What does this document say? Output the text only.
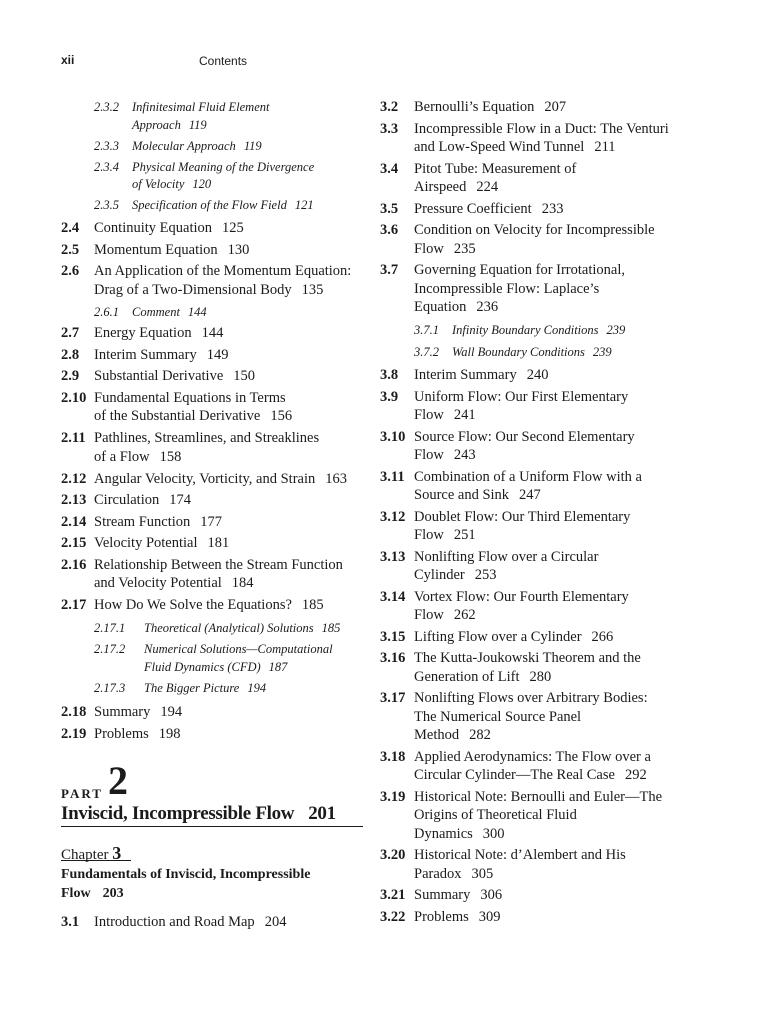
xii	Contents
2.3.2 Infinitesimal Fluid Element
Approach 119
2.3.3 Molecular Approach 119
2.3.4 Physical Meaning of the Divergence
of Velocity 120
2.3.5 Specification of the Flow Field 121
2.4 Continuity Equation 125
2.5 Momentum Equation 130
2.6 An Application of the Momentum Equation:
Drag of a Two-Dimensional Body 135
2.6.1 Comment 144
2.7 Energy Equation 144
2.8 Interim Summary 149
2.9 Substantial Derivative 150
2.10 Fundamental Equations in Terms
of the Substantial Derivative 156
2.11 Pathlines, Streamlines, and Streaklines
of a Flow 158
2.12 Angular Velocity, Vorticity, and Strain 163
2.13 Circulation 174
2.14 Stream Function 177
2.15 Velocity Potential 181
2.16 Relationship Between the Stream Function
and Velocity Potential 184
2.17 How Do We Solve the Equations? 185
2.17.1 Theoretical (Analytical) Solutions 185
2.17.2 Numerical Solutions—Computational
Fluid Dynamics (CFD) 187
2.17.3 The Bigger Picture 194
2.18 Summary 194
2.19 Problems 198
3.1 Introduction and Road Map 204
3.2 Bernoulli’s Equation 207
3.3 Incompressible Flow in a Duct: The Venturi
and Low-Speed Wind Tunnel 211
3.4 Pitot Tube: Measurement of
Airspeed 224
3.5 Pressure Coefficient 233
3.6 Condition on Velocity for Incompressible
Flow 235
3.7 Governing Equation for Irrotational,
Incompressible Flow: Laplace’s
Equation 236
3.7.1 Infinity Boundary Conditions 239
3.7.2 Wall Boundary Conditions 239
3.8 Interim Summary 240
3.9 Uniform Flow: Our First Elementary
Flow 241
3.10 Source Flow: Our Second Elementary
Flow 243
3.11 Combination of a Uniform Flow with a
Source and Sink 247
3.12 Doublet Flow: Our Third Elementary
Flow 251
3.13 Nonlifting Flow over a Circular
Cylinder 253
3.14 Vortex Flow: Our Fourth Elementary
Flow 262
3.15 Lifting Flow over a Cylinder 266
3.16 The Kutta-Joukowski Theorem and the
Generation of Lift 280
3.17 Nonlifting Flows over Arbitrary Bodies:
The Numerical Source Panel
Method 282
3.18 Applied Aerodynamics: The Flow over a
Circular Cylinder—The Real Case 292
3.19 Historical Note: Bernoulli and Euler—The
Origins of Theoretical Fluid
Dynamics 300
3.20 Historical Note: d’Alembert and His
Paradox 305
3.21 Summary 306
3.22 Problems 309
PART 2
Inviscid, Incompressible Flow 201
Chapter 3
Fundamentals of Inviscid, Incompressible
Flow 203
